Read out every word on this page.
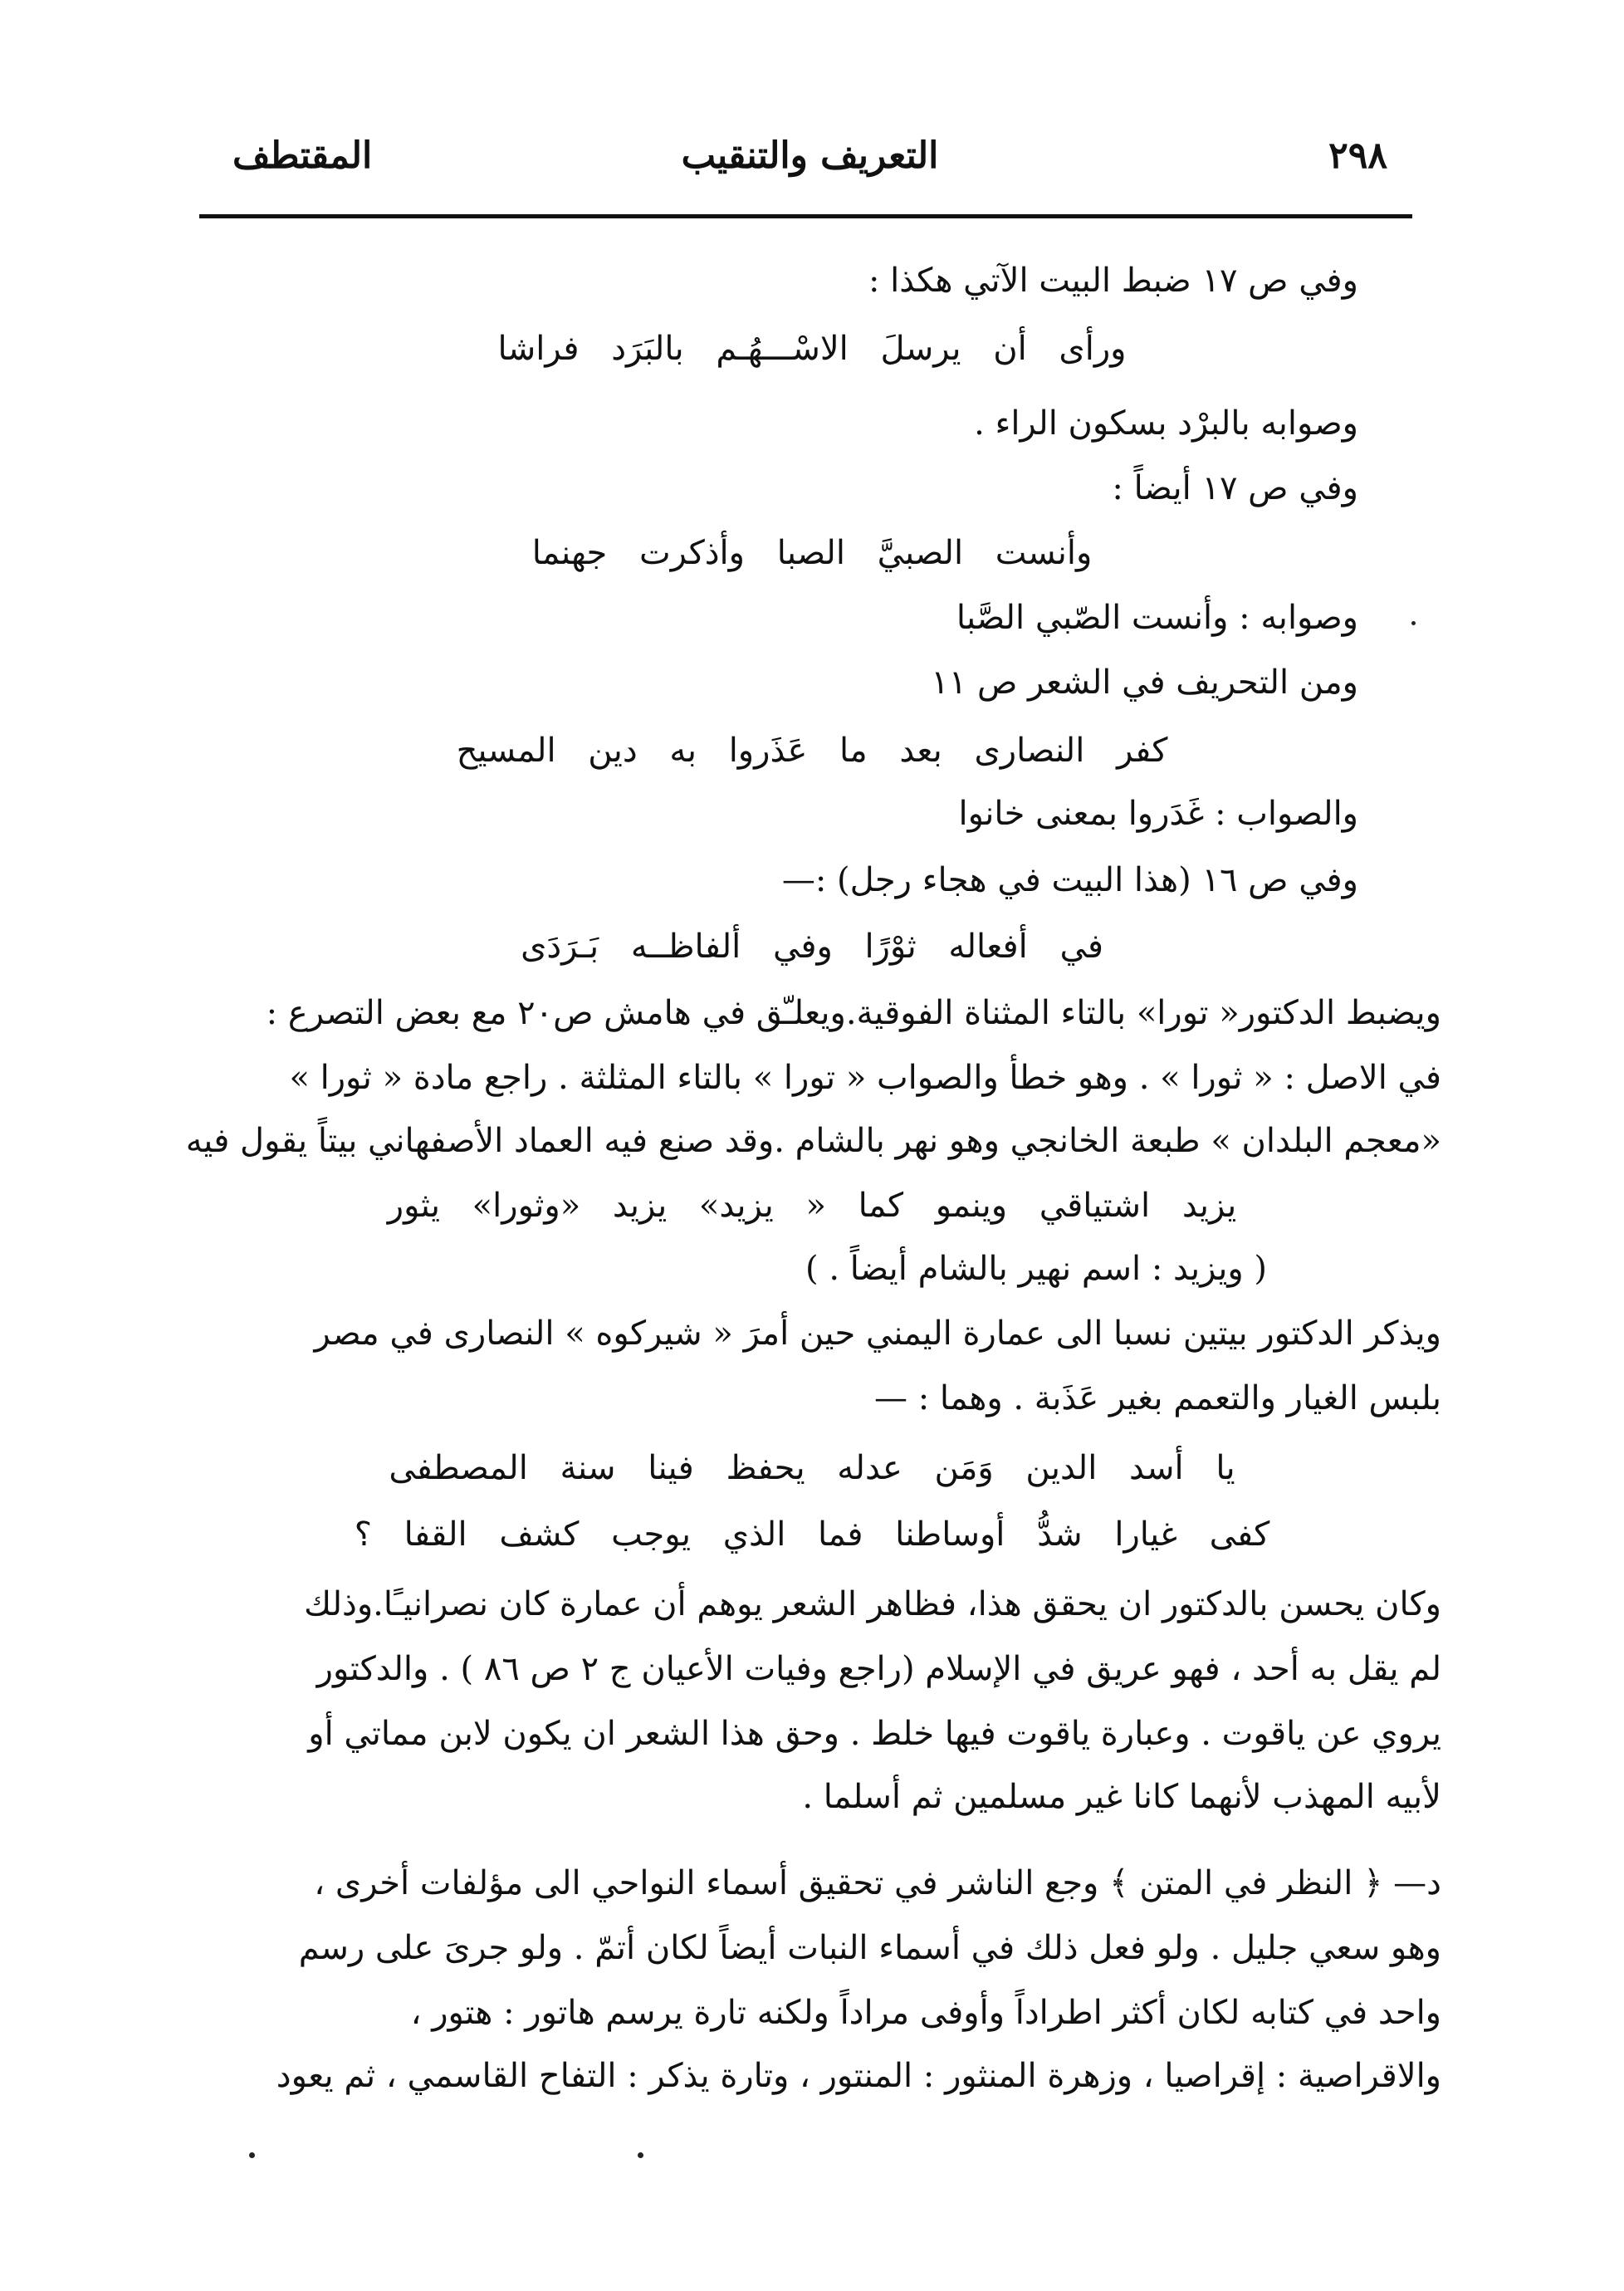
٢٩٨
التعريف والتنقيب
المقتطف
وفي ص ١٧ ضبط البيت الآتي هكذا :
ورأى أن يرسلَ الاسْـــهُـم بالبَرَد فراشا
وصوابه بالبرْد بسكون الراء .
وفي ص ١٧ أيضاً :
وأنست الصبيَّ الصبا وأذكرت جهنما
وصوابه : وأنست الصّبي الصَّبا
ومن التحريف في الشعر ص ١١
كفر النصارى بعد ما عَذَروا به دين المسيح
والصواب : غَدَروا بمعنى خانوا
وفي ص ١٦ (هذا البيت في هجاء رجل) :—
في أفعاله ثوْرًا وفي ألفاظــه بَـرَدَى
ويضبط الدكتور« تورا» بالتاء المثناة الفوقية.ويعلـّق في هامش ص٢٠ مع بعض التصرع :
في الاصل : « ثورا » . وهو خطأ والصواب « تورا » بالتاء المثلثة . راجع مادة « ثورا »
«معجم البلدان » طبعة الخانجي وهو نهر بالشام .وقد صنع فيه العماد الأصفهاني بيتاً يقول فيه
يزيد اشتياقي وينمو كما « يزيد» يزيد «وثورا» يثور
( ويزيد : اسم نهير بالشام أيضاً . )
ويذكر الدكتور بيتين نسبا الى عمارة اليمني حين أمرَ « شيركوه » النصارى في مصر
بلبس الغيار والتعمم بغير عَذَبة . وهما : —
يا أسد الدين وَمَن عدله يحفظ فينا سنة المصطفى
كفى غيارا شدُّ أوساطنا فما الذي يوجب كشف القفا ؟
وكان يحسن بالدكتور ان يحقق هذا، فظاهر الشعر يوهم أن عمارة كان نصرانيـًا.وذلك
لم يقل به أحد ، فهو عريق في الإسلام (راجع وفيات الأعيان ج ٢ ص ٨٦ ) . والدكتور
يروي عن ياقوت . وعبارة ياقوت فيها خلط . وحق هذا الشعر ان يكون لابن مماتي أو
لأبيه المهذب لأنهما كانا غير مسلمين ثم أسلما .
د— ﴿ النظر في المتن ﴾ وجع الناشر في تحقيق أسماء النواحي الى مؤلفات أخرى ،
وهو سعي جليل . ولو فعل ذلك في أسماء النبات أيضاً لكان أتمّ . ولو جرىَ على رسم
واحد في كتابه لكان أكثر اطراداً وأوفى مراداً ولكنه تارة يرسم هاتور : هتور ،
والاقراصية : إقراصيا ، وزهرة المنثور : المنتور ، وتارة يذكر : التفاح القاسمي ، ثم يعود
